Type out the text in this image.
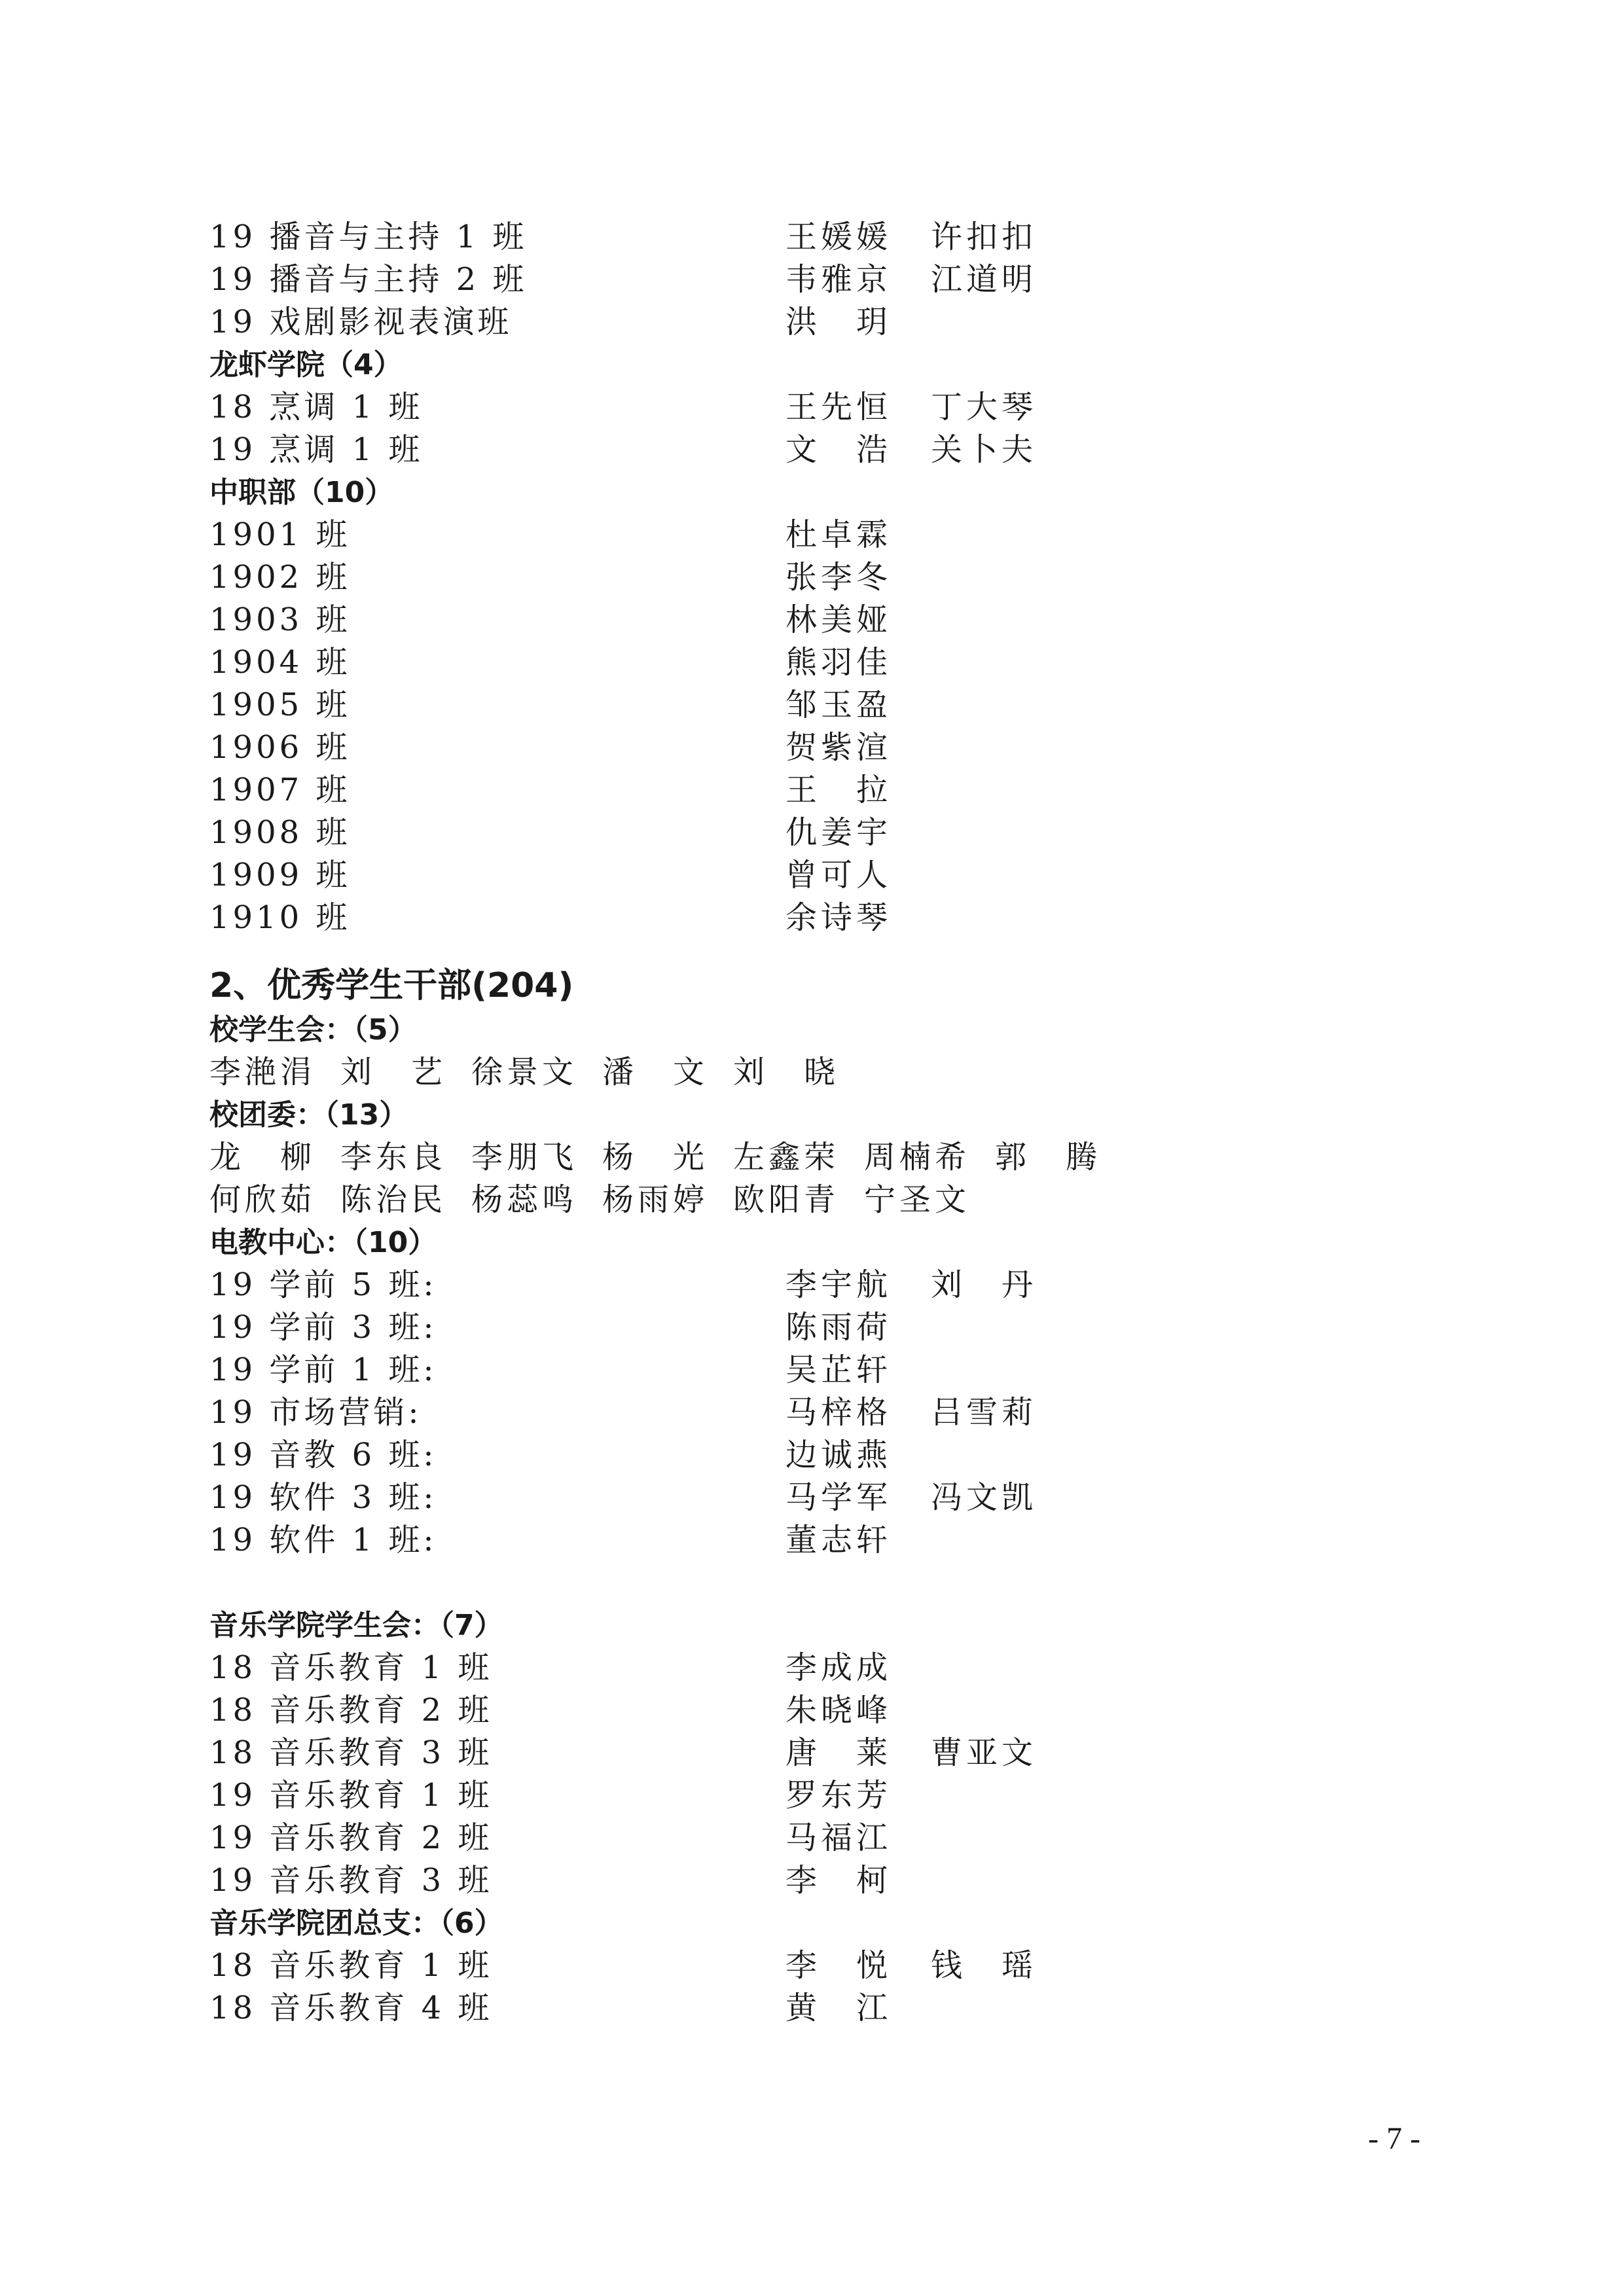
19 播音与主持 1 班	王媛媛	许扣扣
19 播音与主持 2 班	韦雅京	江道明
19 戏剧影视表演班	洪　玥
龙虾学院（4）
18 烹调 1 班	王先恒	丁大琴
19 烹调 1 班	文　浩	关卜夫
中职部（10）
1901 班	杜卓霖
1902 班	张李冬
1903 班	林美娅
1904 班	熊羽佳
1905 班	邹玉盈
1906 班	贺紫渲
1907 班	王　拉
1908 班	仇姜宇
1909 班	曾可人
1910 班	余诗琴
2、优秀学生干部(204)
校学生会：（5）
李滟涓 刘　艺 徐景文 潘　文 刘　晓
校团委：（13）
龙　柳 李东良 李朋飞 杨　光 左鑫荣 周楠希 郭　腾
何欣茹 陈治民 杨蕊鸣 杨雨婷 欧阳青 宁圣文
电教中心：（10）
19 学前 5 班:	李宇航	刘　丹
19 学前 3 班:	陈雨荷
19 学前 1 班:	吴芷轩
19 市场营销:	马梓格	吕雪莉
19 音教 6 班:	边诚燕
19 软件 3 班:	马学军	冯文凯
19 软件 1 班:	董志轩
音乐学院学生会：（7）
18 音乐教育 1 班	李成成
18 音乐教育 2 班	朱晓峰
18 音乐教育 3 班	唐　莱	曹亚文
19 音乐教育 1 班	罗东芳
19 音乐教育 2 班	马福江
19 音乐教育 3 班	李　柯
音乐学院团总支：（6）
18 音乐教育 1 班	李　悦	钱　瑶
18 音乐教育 4 班	黄　江
- 7 -
